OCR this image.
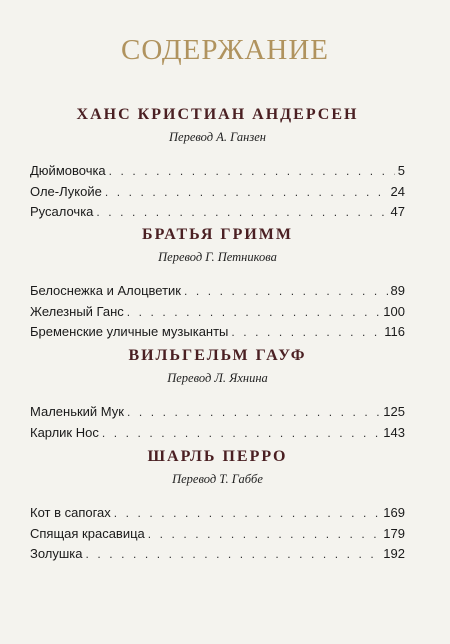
СОДЕРЖАНИЕ
ХАНС КРИСТИАН АНДЕРСЕН
Перевод А. Ганзен
Дюймовочка . . .	5
Оле-Лукойе . . .	24
Русалочка . . .	47
БРАТЬЯ ГРИММ
Перевод Г. Петникова
Белоснежка и Алоцветик . . .	89
Железный Ганс . . .	100
Бременские уличные музыканты . . .	116
ВИЛЬГЕЛЬМ ГАУФ
Перевод Л. Яхнина
Маленький Мук . . .	125
Карлик Нос . . .	143
ШАРЛЬ ПЕРРО
Перевод Т. Габбе
Кот в сапогах . . .	169
Спящая красавица . . .	179
Золушка . . .	192
